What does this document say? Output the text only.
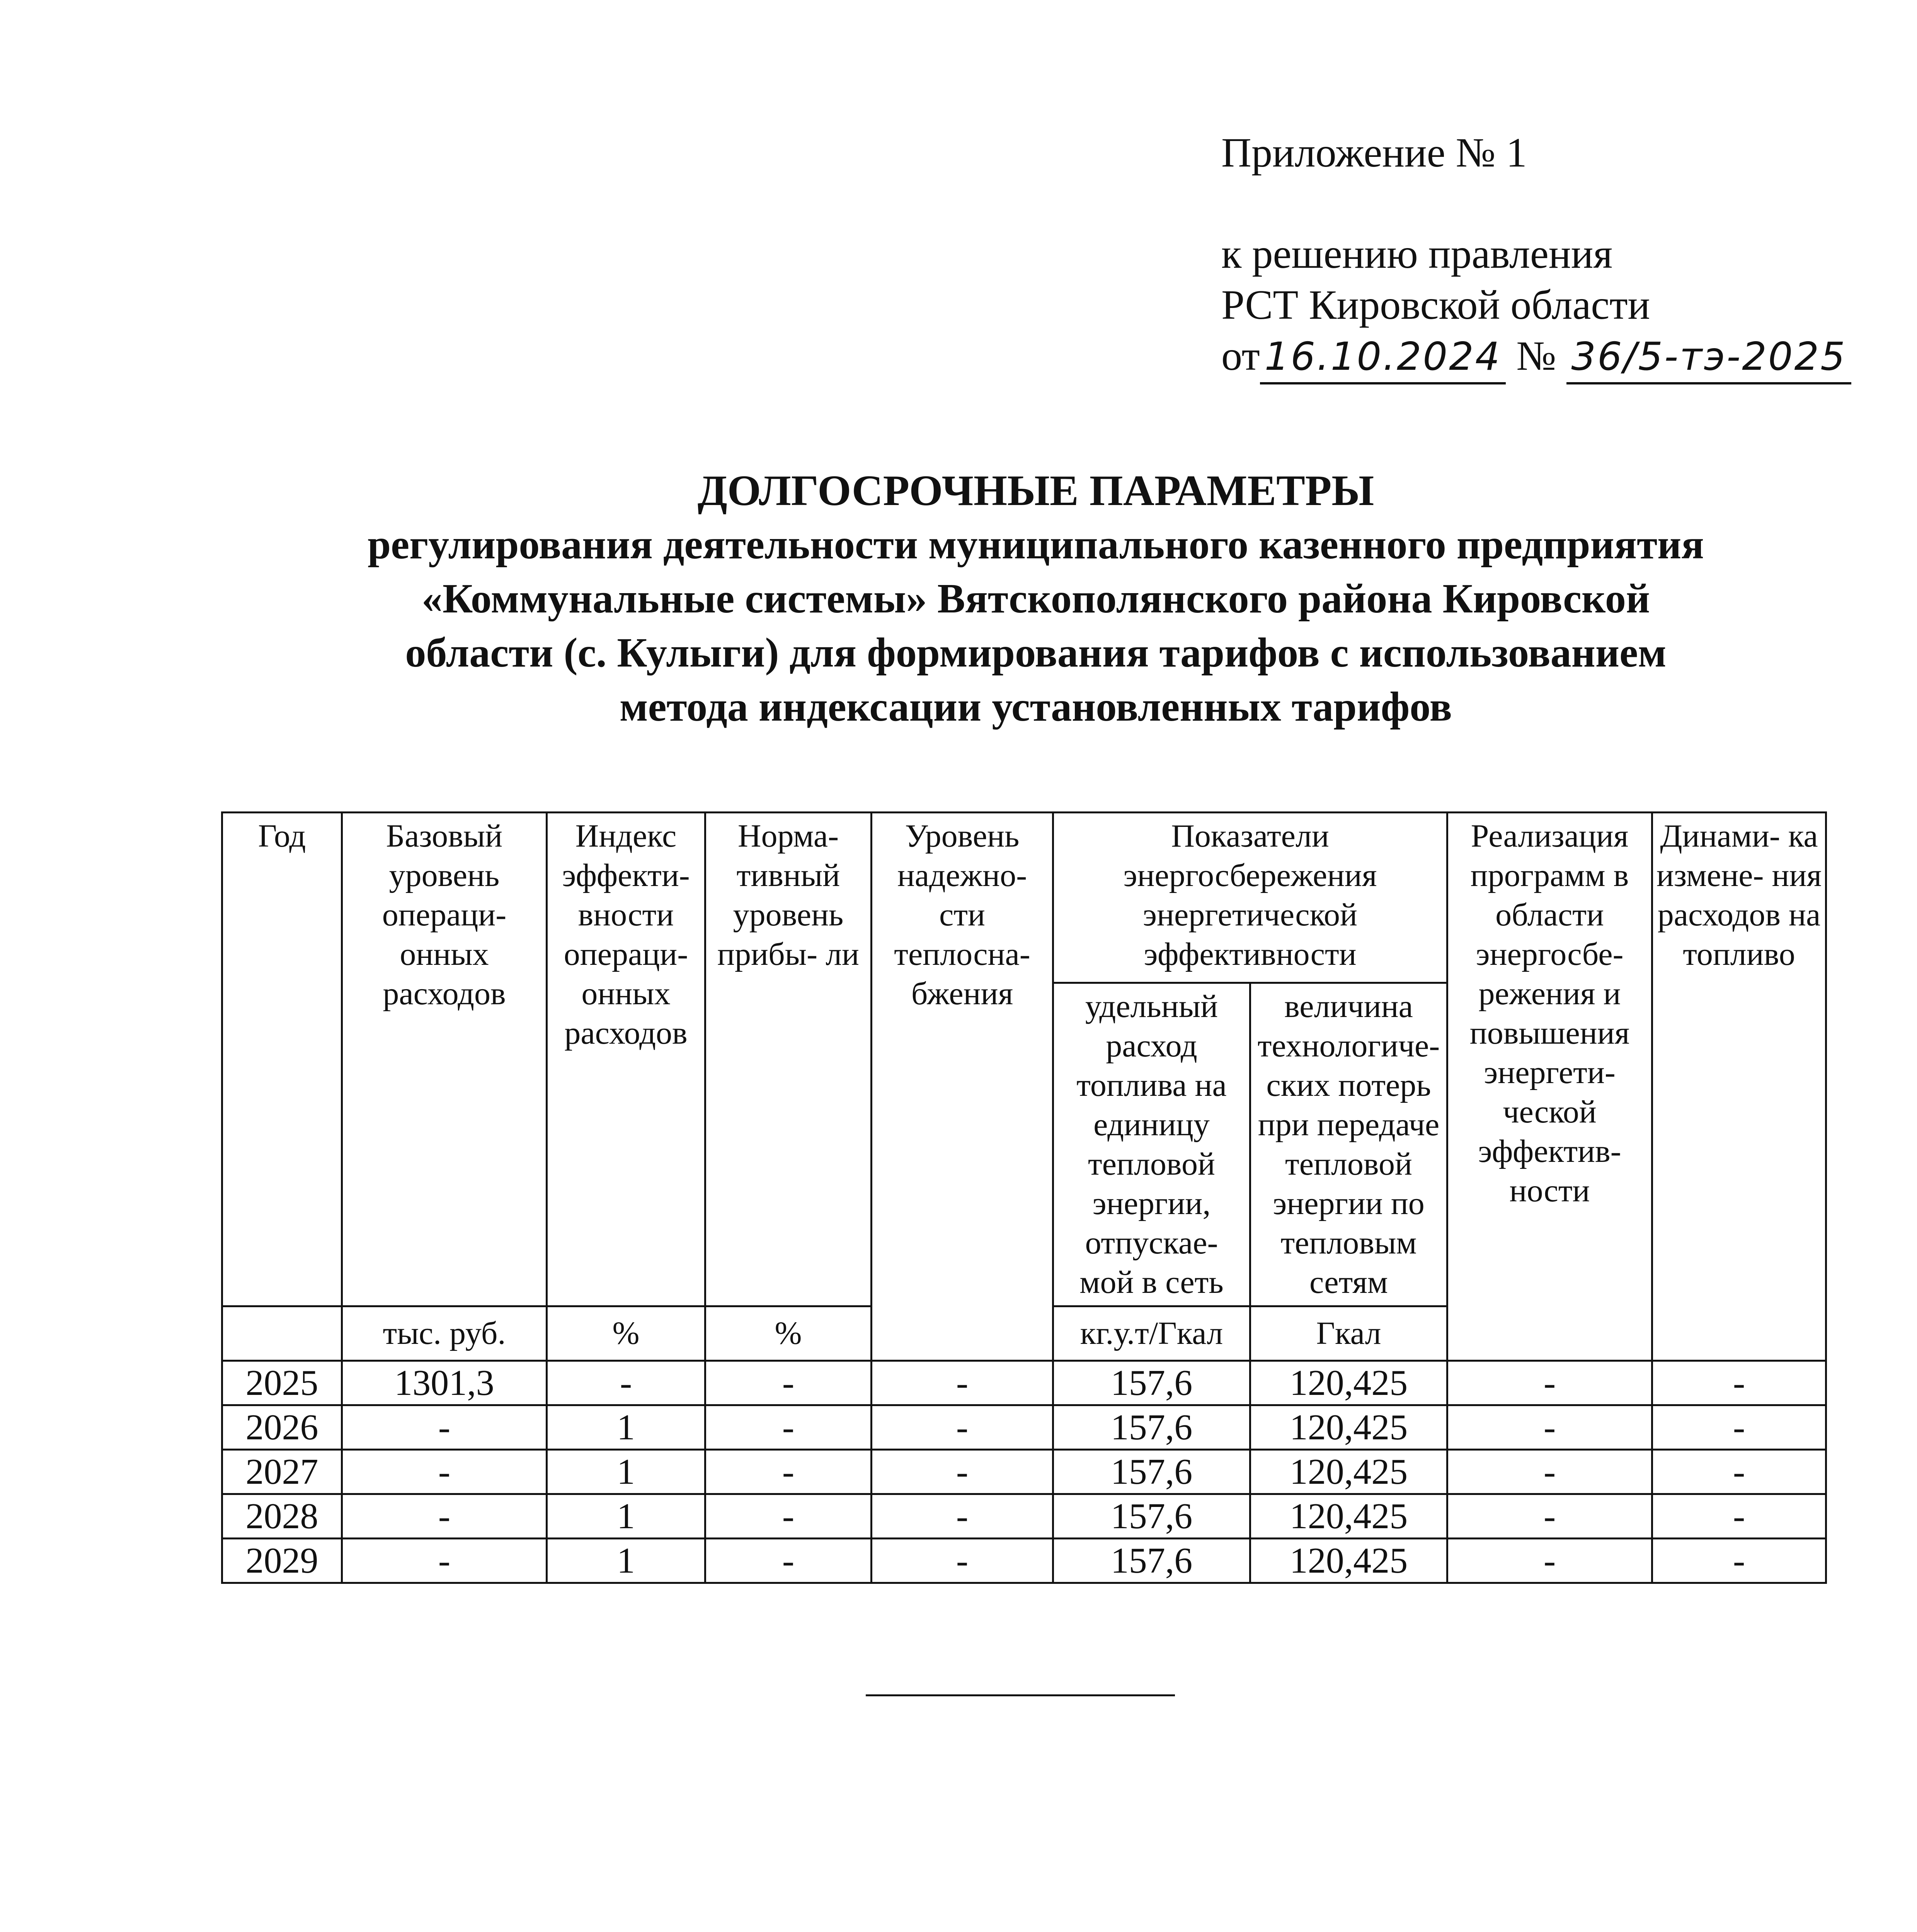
Приложение № 1
к решению правления
РСТ Кировской области
от 16.10.2024 № 36/5-тэ-2025
ДОЛГОСРОЧНЫЕ ПАРАМЕТРЫ
регулирования деятельности муниципального казенного предприятия «Коммунальные системы» Вятскополянского района Кировской области (с. Кулыги) для формирования тарифов с использованием метода индексации установленных тарифов
Год	Базовый уровень операци- онных расходов	Индекс эффекти- вности операци- онных расходов	Норма- тивный уровень прибы- ли	Уровень надежно- сти теплосна- бжения	Показатели энергосбережения энергетической эффективности		Реализация программ в области энергосбе- режения и повышения энергети- ческой эффектив- ности	Динами- ка измене- ния расходов на топливо
					удельный расход топлива на единицу тепловой энергии, отпускае- мой в сеть	величина технологиче- ских потерь при передаче тепловой энергии по тепловым сетям		
	тыс. руб.	%	%		кг.у.т/Гкал	Гкал		
2025	1301,3	-	-	-	157,6	120,425	-	-
2026	-	1	-	-	157,6	120,425	-	-
2027	-	1	-	-	157,6	120,425	-	-
2028	-	1	-	-	157,6	120,425	-	-
2029	-	1	-	-	157,6	120,425	-	-
